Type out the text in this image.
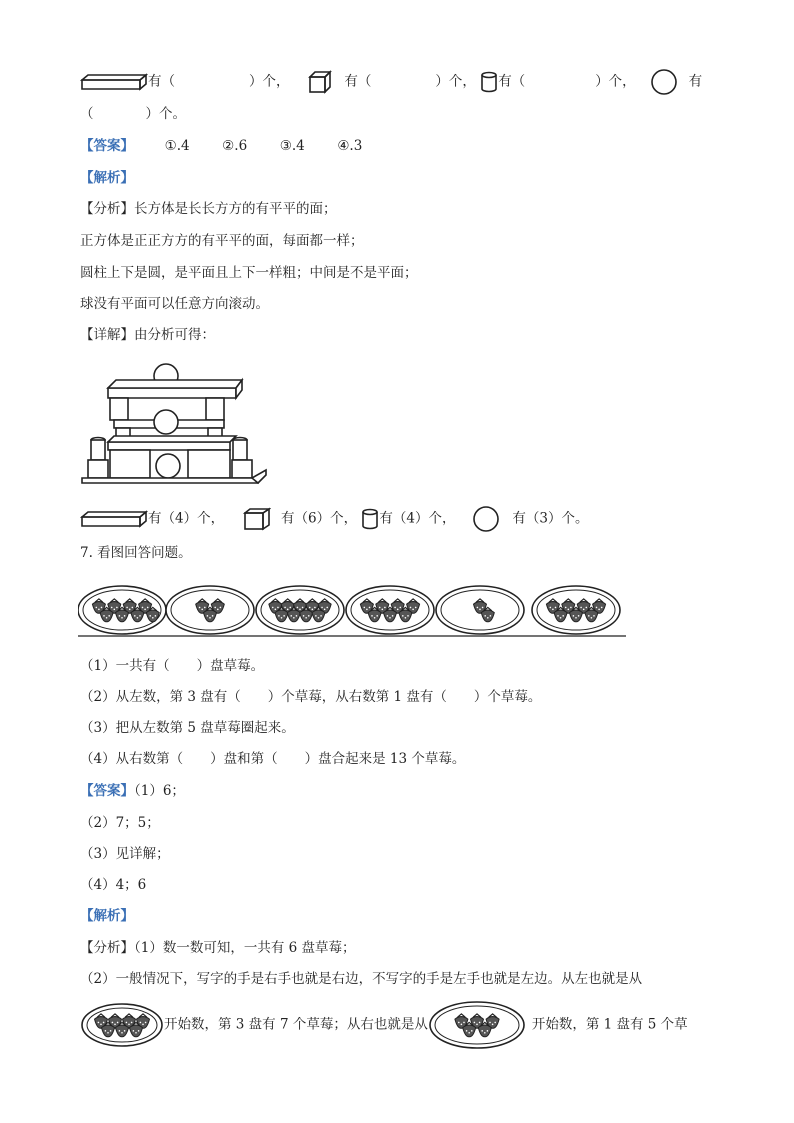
有（	）个，	有（	）个， 有（	）个，	有
（	）个。
【答案】 ①.4 ②.6 ③.4 ④.3
【解析】
【分析】长方体是长长方方的有平平的面；
正方体是正正方方的有平平的面，每面都一样；
圆柱上下是圆，是平面且上下一样粗；中间是不是平面；
球没有平面可以任意方向滚动。
【详解】由分析可得：
有（4）个，	有（6）个， 有（4）个，	有（3）个。
7. 看图回答问题。
（1）一共有（　　）盘草莓。
（2）从左数，第 3 盘有（　　）个草莓，从右数第 1 盘有（　　）个草莓。
（3）把从左数第 5 盘草莓圈起来。
（4）从右数第（　　）盘和第（　　）盘合起来是 13 个草莓。
【答案】（1）6；
（2）7；5；
（3）见详解；
（4）4；6
【解析】
【分析】（1）数一数可知，一共有 6 盘草莓；
（2）一般情况下，写字的手是右手也就是右边，不写字的手是左手也就是左边。从左也就是从
开始数，第 3 盘有 7 个草莓；从右也就是从	开始数，第 1 盘有 5 个草
